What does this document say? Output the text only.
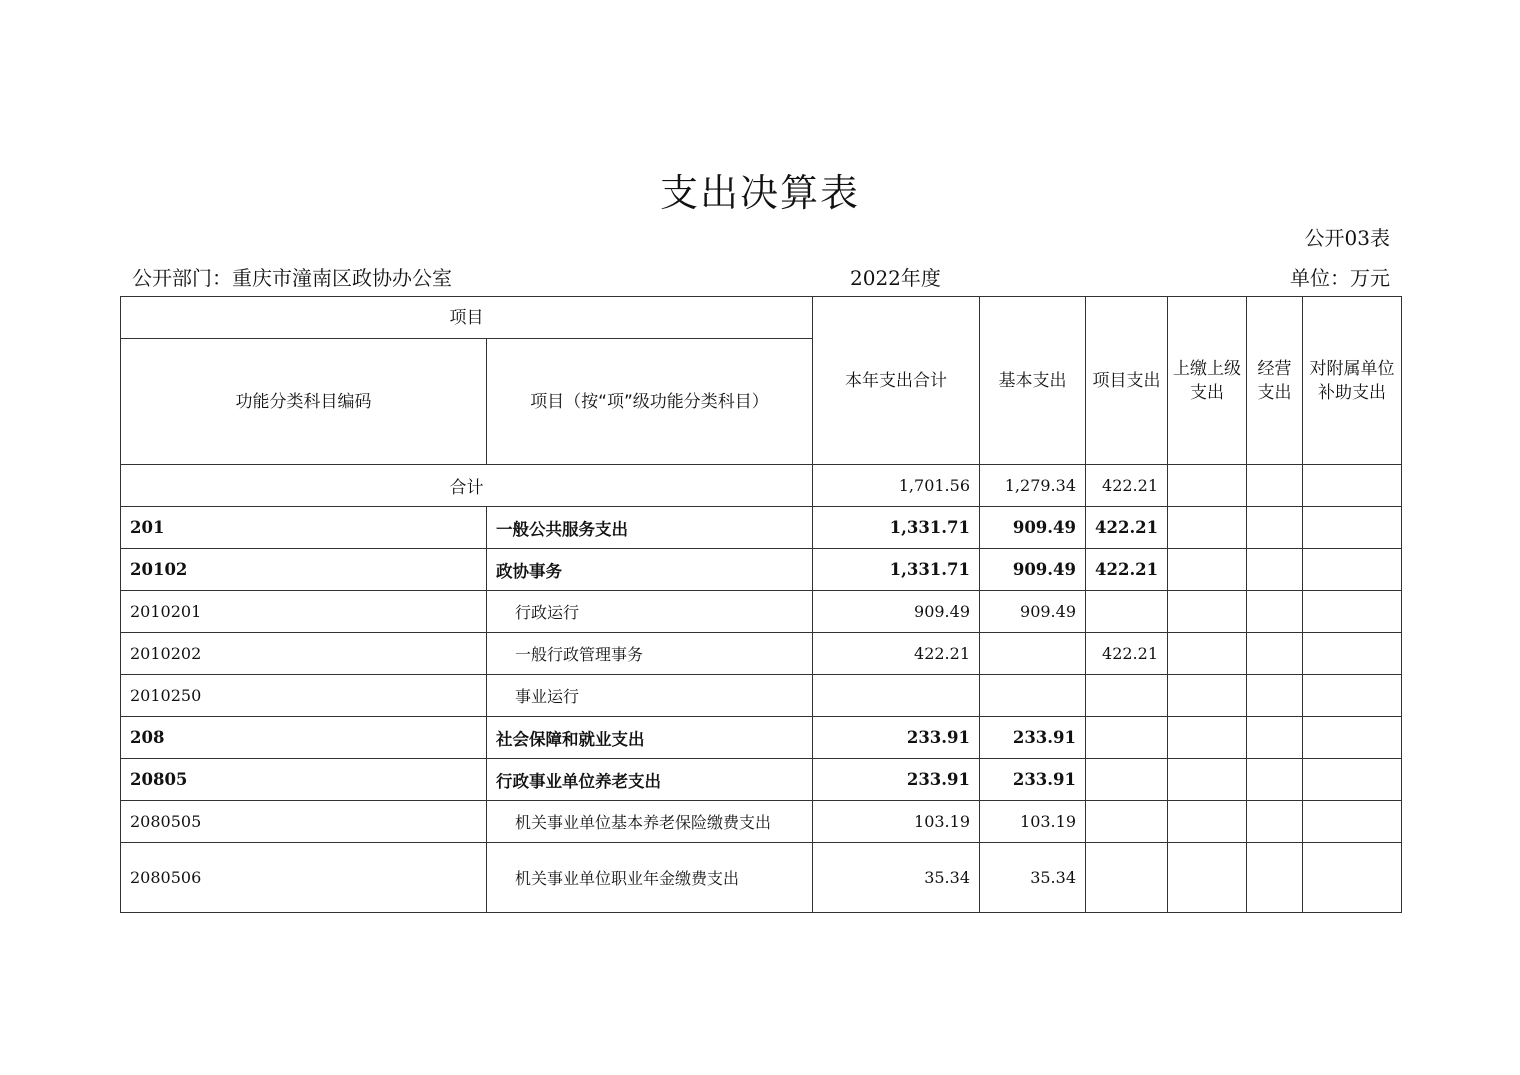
支出决算表
公开03表
公开部门：重庆市潼南区政协办公室	2022年度	单位：万元
项目		本年支出合计	基本支出	项目支出	上缴上级支出	经营支出	对附属单位补助支出
功能分类科目编码	项目（按“项”级功能分类科目）						
合计		1,701.56	1,279.34	422.21			
201	一般公共服务支出	1,331.71	909.49	422.21			
20102	政协事务	1,331.71	909.49	422.21			
2010201	行政运行	909.49	909.49				
2010202	一般行政管理事务	422.21		422.21			
2010250	事业运行						
208	社会保障和就业支出	233.91	233.91				
20805	行政事业单位养老支出	233.91	233.91				
2080505	机关事业单位基本养老保险缴费支出	103.19	103.19				
2080506	机关事业单位职业年金缴费支出	35.34	35.34				
